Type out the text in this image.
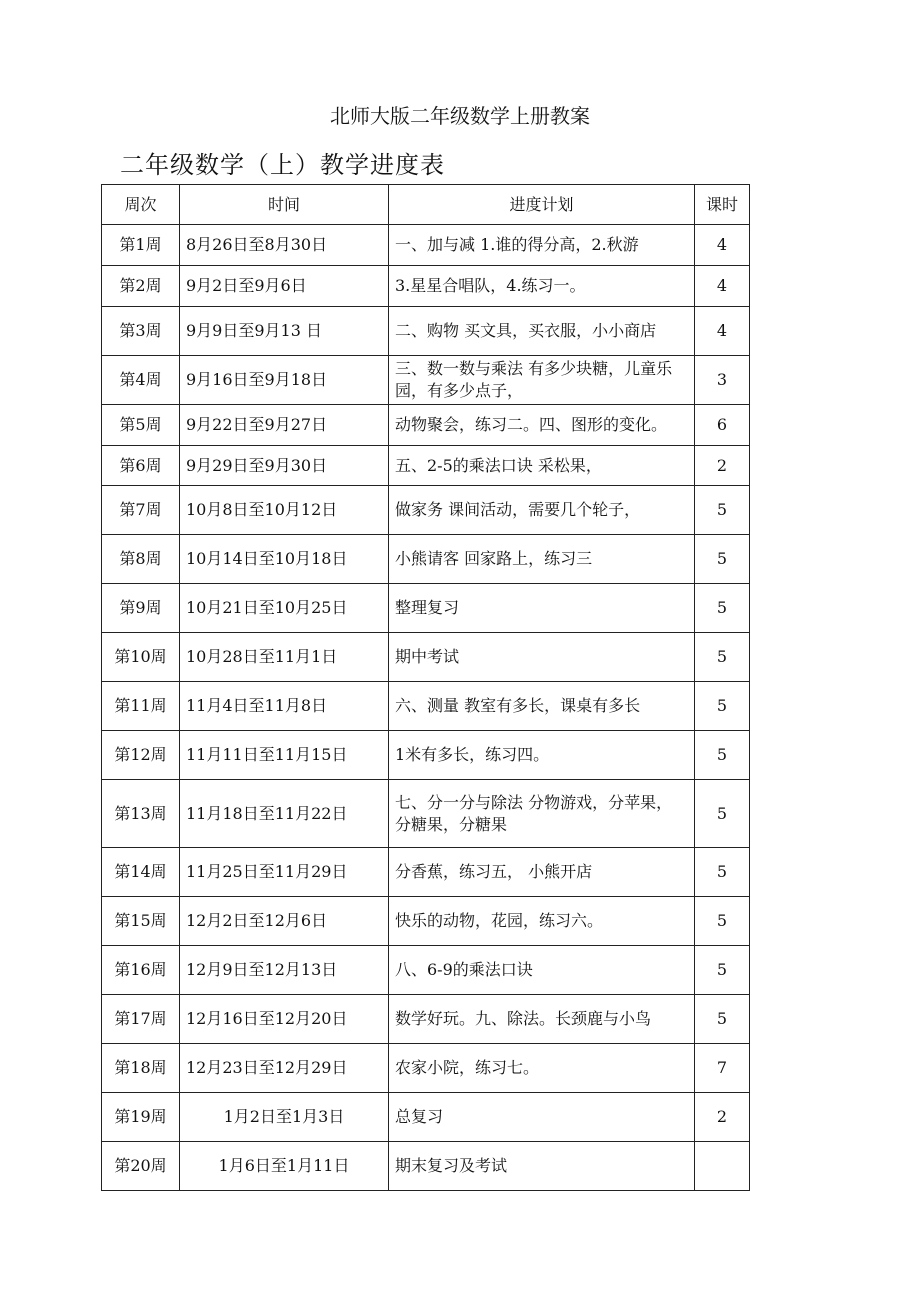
北师大版二年级数学上册教案
二年级数学（上）教学进度表
周次	时间	进度计划	课时
第1周	8月26日至8月30日	一、加与减 1.谁的得分高，2.秋游	4
第2周	9月2日至9月6日	3.星星合唱队，4.练习一。	4
第3周	9月9日至9月13 日	二、购物 买文具，买衣服，小小商店	4
第4周	9月16日至9月18日	三、数一数与乘法 有多少块糖，儿童乐园，有多少点子，	3
第5周	9月22日至9月27日	动物聚会，练习二。四、图形的变化。	6
第6周	9月29日至9月30日	五、2-5的乘法口诀 采松果，	2
第7周	10月8日至10月12日	做家务 课间活动，需要几个轮子，	5
第8周	10月14日至10月18日	小熊请客 回家路上，练习三	5
第9周	10月21日至10月25日	整理复习	5
第10周	10月28日至11月1日	期中考试	5
第11周	11月4日至11月8日	六、测量 教室有多长，课桌有多长	5
第12周	11月11日至11月15日	1米有多长，练习四。	5
第13周	11月18日至11月22日	七、分一分与除法 分物游戏，分苹果，分糖果，分糖果	5
第14周	11月25日至11月29日	分香蕉，练习五， 小熊开店	5
第15周	12月2日至12月6日	快乐的动物，花园，练习六。	5
第16周	12月9日至12月13日	八、6-9的乘法口诀	5
第17周	12月16日至12月20日	数学好玩。九、除法。长颈鹿与小鸟	5
第18周	12月23日至12月29日	农家小院，练习七。	7
第19周	1月2日至1月3日	总复习	2
第20周	1月6日至1月11日	期末复习及考试	
